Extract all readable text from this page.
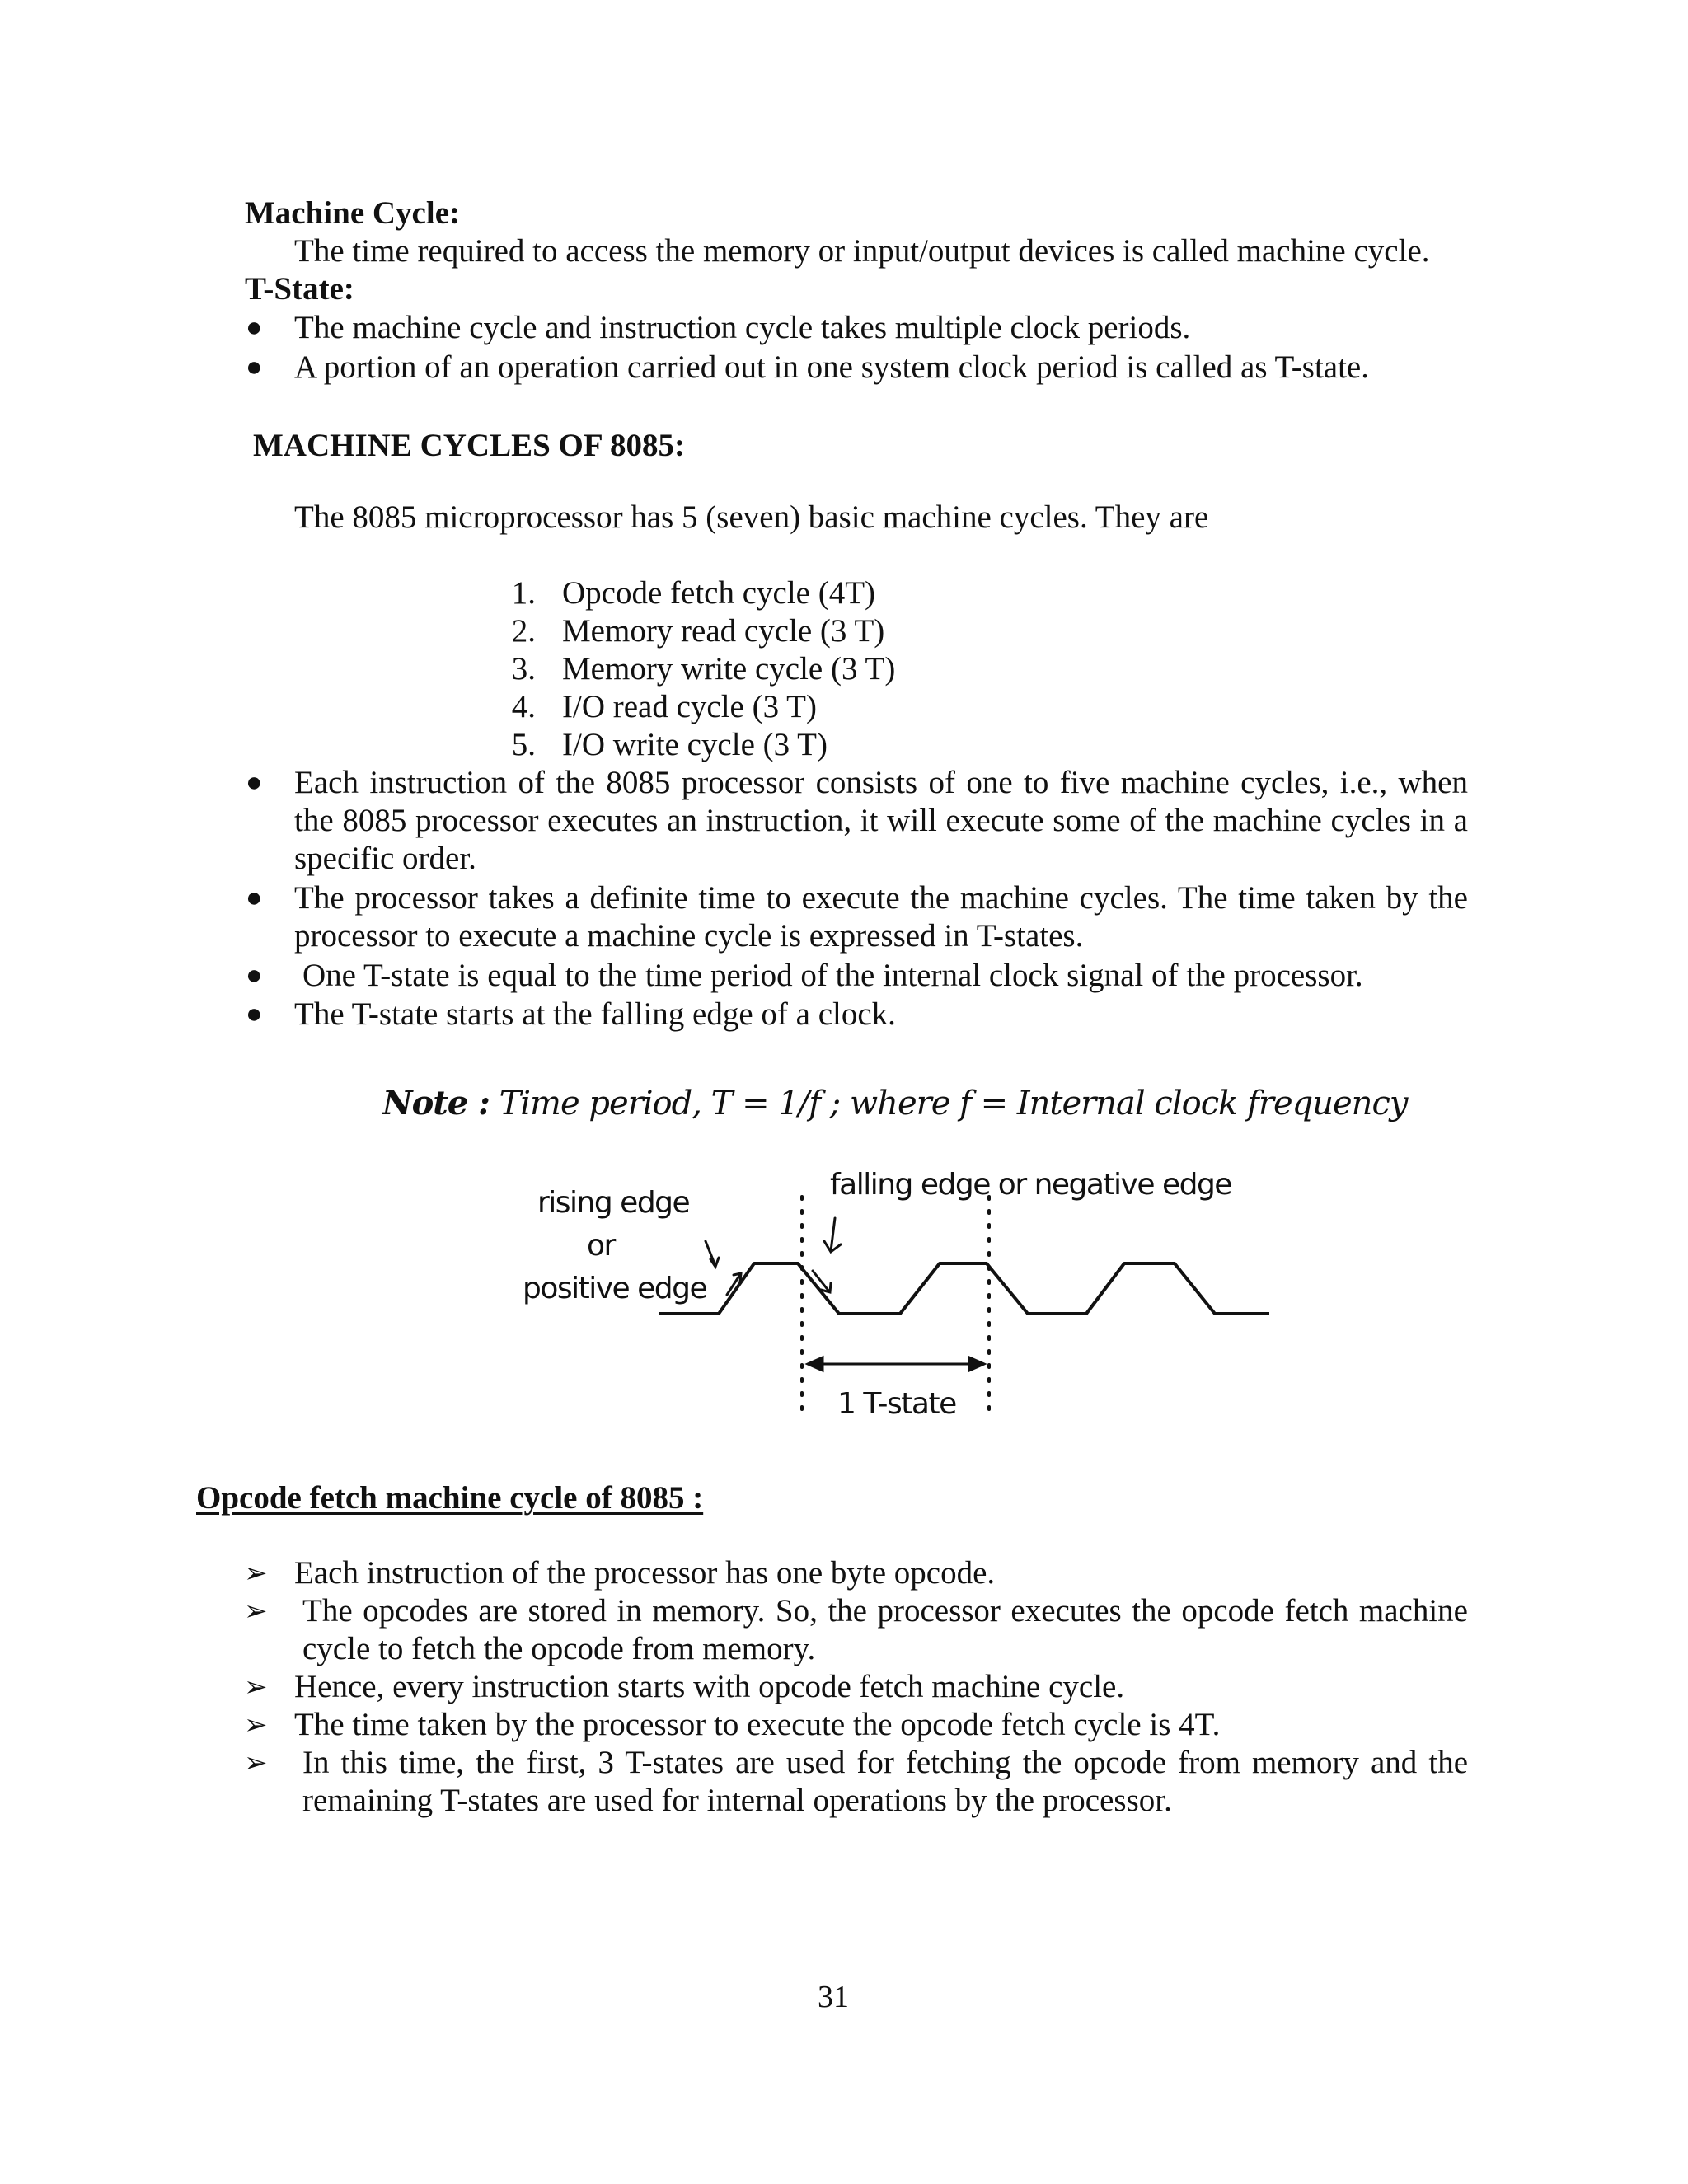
Machine Cycle:
The time required to access the memory or input/output devices is called machine cycle.
T-State:
● The machine cycle and instruction cycle takes multiple clock periods.
● A portion of an operation carried out in one system clock period is called as T-state.
MACHINE CYCLES OF 8085:
The 8085 microprocessor has 5 (seven) basic machine cycles. They are
1. Opcode fetch cycle (4T)
2. Memory read cycle (3 T)
3. Memory write cycle (3 T)
4. I/O read cycle (3 T)
5. I/O write cycle (3 T)
● Each instruction of the 8085 processor consists of one to five machine cycles, i.e., when the 8085 processor executes an instruction, it will execute some of the machine cycles in a specific order.
● The processor takes a definite time to execute the machine cycles. The time taken by the processor to execute a machine cycle is expressed in T-states.
● One T-state is equal to the time period of the internal clock signal of the processor.
● The T-state starts at the falling edge of a clock.
Note : Time period, T = 1/f ; where f = Internal clock frequency
rising edge
or
positive edge
falling edge or negative edge
1 T-state
Opcode fetch machine cycle of 8085 :
➢ Each instruction of the processor has one byte opcode.
➢ The opcodes are stored in memory. So, the processor executes the opcode fetch machine cycle to fetch the opcode from memory.
➢ Hence, every instruction starts with opcode fetch machine cycle.
➢ The time taken by the processor to execute the opcode fetch cycle is 4T.
➢ In this time, the first, 3 T-states are used for fetching the opcode from memory and the remaining T-states are used for internal operations by the processor.
31
